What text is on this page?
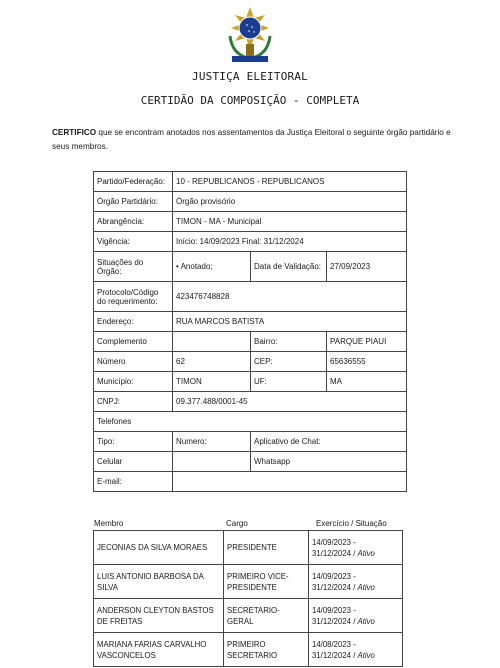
JUSTIÇA ELEITORAL
CERTIDÃO DA COMPOSIÇÃO - COMPLETA
CERTIFICO que se encontram anotados nos assentamentos da Justiça Eleitoral o seguinte órgão partidário e seus membros.
Partido/Federação:	10 - REPUBLICANOS - REPUBLICANOS		
Órgão Partidário:	Órgão provisório		
Abrangência:	TIMON - MA - Municipal		
Vigência:	Início: 14/09/2023 Final: 31/12/2024		
Situações do Órgão:	• Anotado;	Data de Validação:	27/09/2023
Protocolo/Código do requerimento:	423476748828		
Endereço:	RUA MARCOS BATISTA		
Complemento		Bairro:	PARQUE PIAUI
Número	62	CEP:	65636555
Município:	TIMON	UF:	MA
CNPJ:	09.377.488/0001-45		
Telefones			
Tipo:	Numero:	Aplicativo de Chat:	
Celular		Whatsapp	
E-mail:			
Membro	Cargo	Exercício / Situação
JECONIAS DA SILVA MORAES	PRESIDENTE	14/09/2023 -
31/12/2024 / Ativo
LUIS ANTONIO BARBOSA DA SILVA	PRIMEIRO VICE-PRESIDENTE	14/09/2023 -
31/12/2024 / Ativo
ANDERSON CLEYTON BASTOS DE FREITAS	SECRETARIO-GERAL	14/09/2023 -
31/12/2024 / Ativo
MARIANA FARIAS CARVALHO VASCONCELOS	PRIMEIRO SECRETARIO	14/08/2023 -
31/12/2024 / Ativo
